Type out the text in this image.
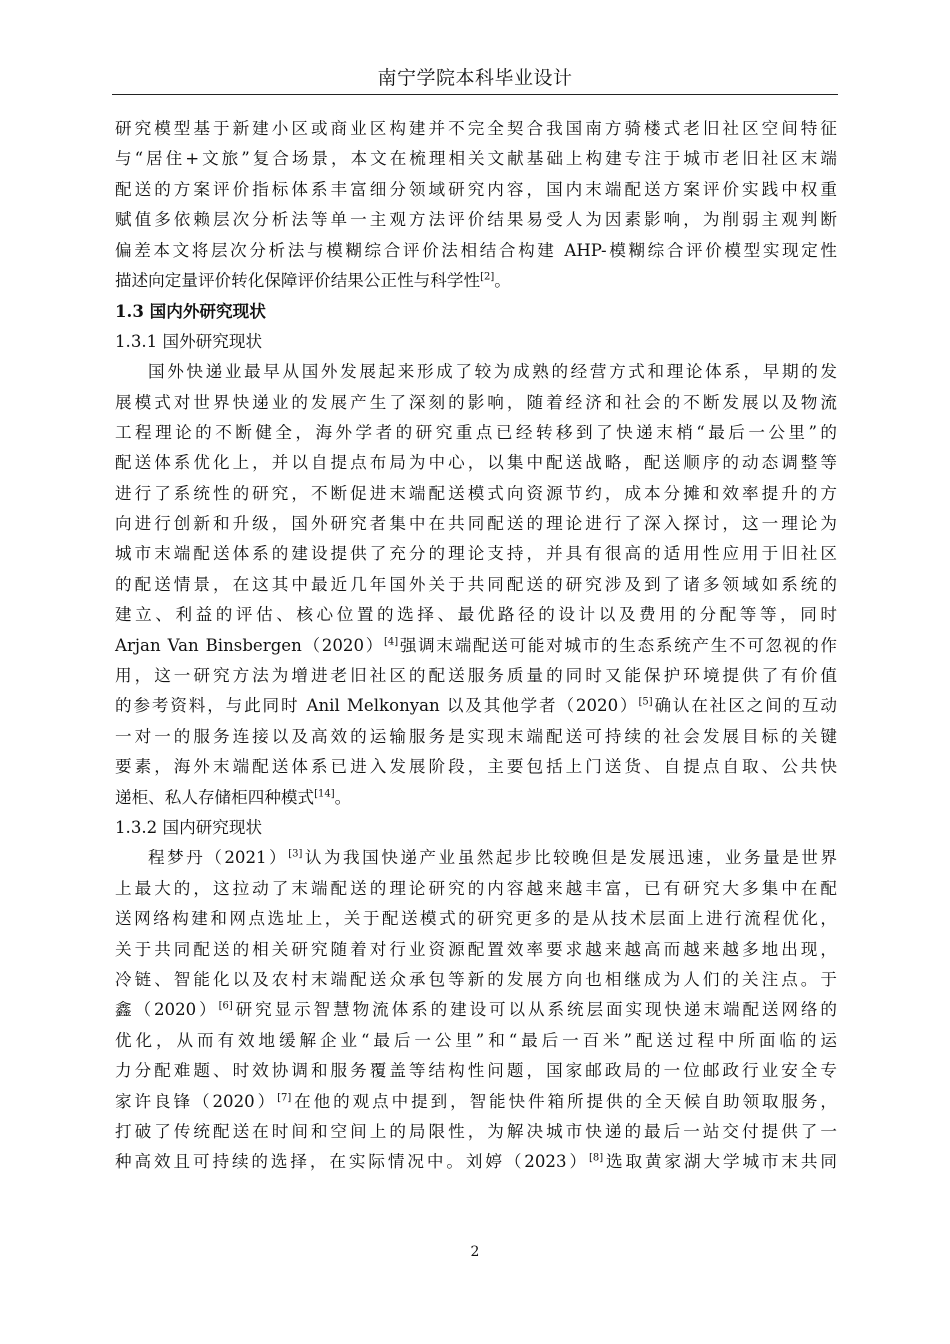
南宁学院本科毕业设计
研究模型基于新建小区或商业区构建并不完全契合我国南方骑楼式老旧社区空间特征
与“居住+文旅”复合场景，本文在梳理相关文献基础上构建专注于城市老旧社区末端
配送的方案评价指标体系丰富细分领域研究内容，国内末端配送方案评价实践中权重
赋值多依赖层次分析法等单一主观方法评价结果易受人为因素影响，为削弱主观判断
偏差本文将层次分析法与模糊综合评价法相结合构建 AHP-模糊综合评价模型实现定性
描述向定量评价转化保障评价结果公正性与科学性[2]。
1.3 国内外研究现状
1.3.1 国外研究现状
国外快递业最早从国外发展起来形成了较为成熟的经营方式和理论体系，早期的发
展模式对世界快递业的发展产生了深刻的影响，随着经济和社会的不断发展以及物流
工程理论的不断健全，海外学者的研究重点已经转移到了快递末梢“最后一公里”的
配送体系优化上，并以自提点布局为中心，以集中配送战略，配送顺序的动态调整等
进行了系统性的研究，不断促进末端配送模式向资源节约，成本分摊和效率提升的方
向进行创新和升级，国外研究者集中在共同配送的理论进行了深入探讨，这一理论为
城市末端配送体系的建设提供了充分的理论支持，并具有很高的适用性应用于旧社区
的配送情景，在这其中最近几年国外关于共同配送的研究涉及到了诸多领域如系统的
建立、利益的评估、核心位置的选择、最优路径的设计以及费用的分配等等，同时
Arjan Van Binsbergen（2020）[4]强调末端配送可能对城市的生态系统产生不可忽视的作
用，这一研究方法为增进老旧社区的配送服务质量的同时又能保护环境提供了有价值
的参考资料，与此同时 Anil Melkonyan 以及其他学者（2020）[5]确认在社区之间的互动
一对一的服务连接以及高效的运输服务是实现末端配送可持续的社会发展目标的关键
要素，海外末端配送体系已进入发展阶段，主要包括上门送货、自提点自取、公共快
递柜、私人存储柜四种模式[14]。
1.3.2 国内研究现状
程梦丹（2021）[3]认为我国快递产业虽然起步比较晚但是发展迅速，业务量是世界
上最大的，这拉动了末端配送的理论研究的内容越来越丰富，已有研究大多集中在配
送网络构建和网点选址上，关于配送模式的研究更多的是从技术层面上进行流程优化，
关于共同配送的相关研究随着对行业资源配置效率要求越来越高而越来越多地出现，
冷链、智能化以及农村末端配送众承包等新的发展方向也相继成为人们的关注点。于
鑫（2020）[6]研究显示智慧物流体系的建设可以从系统层面实现快递末端配送网络的
优化，从而有效地缓解企业“最后一公里”和“最后一百米”配送过程中所面临的运
力分配难题、时效协调和服务覆盖等结构性问题，国家邮政局的一位邮政行业安全专
家许良锋（2020）[7]在他的观点中提到，智能快件箱所提供的全天候自助领取服务，
打破了传统配送在时间和空间上的局限性，为解决城市快递的最后一站交付提供了一
种高效且可持续的选择，在实际情况中。刘婷（2023）[8]选取黄家湖大学城市末共同
2
